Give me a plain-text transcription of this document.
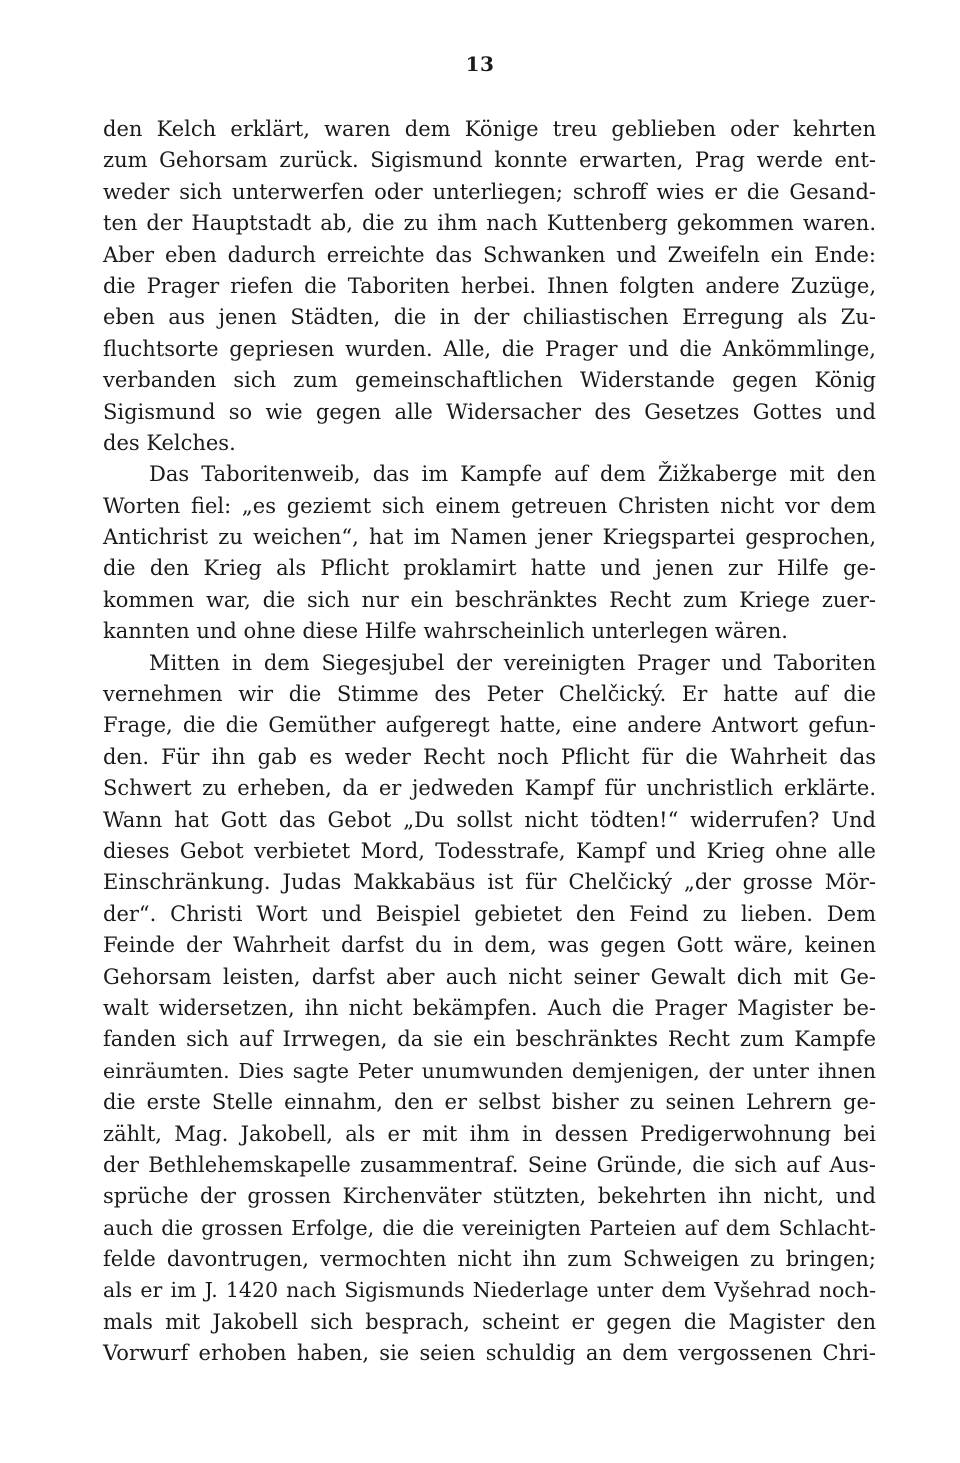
13
den Kelch erklärt, waren dem Könige treu geblieben oder kehrten
zum Gehorsam zurück. Sigismund konnte erwarten, Prag werde ent-
weder sich unterwerfen oder unterliegen; schroff wies er die Gesand-
ten der Hauptstadt ab, die zu ihm nach Kuttenberg gekommen waren.
Aber eben dadurch erreichte das Schwanken und Zweifeln ein Ende:
die Prager riefen die Taboriten herbei. Ihnen folgten andere Zuzüge,
eben aus jenen Städten, die in der chiliastischen Erregung als Zu-
fluchtsorte gepriesen wurden. Alle, die Prager und die Ankömmlinge,
verbanden sich zum gemeinschaftlichen Widerstande gegen König
Sigismund so wie gegen alle Widersacher des Gesetzes Gottes und
des Kelches.
Das Taboritenweib, das im Kampfe auf dem Žižkaberge mit den
Worten fiel: „es geziemt sich einem getreuen Christen nicht vor dem
Antichrist zu weichen“, hat im Namen jener Kriegspartei gesprochen,
die den Krieg als Pflicht proklamirt hatte und jenen zur Hilfe ge-
kommen war, die sich nur ein beschränktes Recht zum Kriege zuer-
kannten und ohne diese Hilfe wahrscheinlich unterlegen wären.
Mitten in dem Siegesjubel der vereinigten Prager und Taboriten
vernehmen wir die Stimme des Peter Chelčický. Er hatte auf die
Frage, die die Gemüther aufgeregt hatte, eine andere Antwort gefun-
den. Für ihn gab es weder Recht noch Pflicht für die Wahrheit das
Schwert zu erheben, da er jedweden Kampf für unchristlich erklärte.
Wann hat Gott das Gebot „Du sollst nicht tödten!“ widerrufen? Und
dieses Gebot verbietet Mord, Todesstrafe, Kampf und Krieg ohne alle
Einschränkung. Judas Makkabäus ist für Chelčický „der grosse Mör-
der“. Christi Wort und Beispiel gebietet den Feind zu lieben. Dem
Feinde der Wahrheit darfst du in dem, was gegen Gott wäre, keinen
Gehorsam leisten, darfst aber auch nicht seiner Gewalt dich mit Ge-
walt widersetzen, ihn nicht bekämpfen. Auch die Prager Magister be-
fanden sich auf Irrwegen, da sie ein beschränktes Recht zum Kampfe
einräumten. Dies sagte Peter unumwunden demjenigen, der unter ihnen
die erste Stelle einnahm, den er selbst bisher zu seinen Lehrern ge-
zählt, Mag. Jakobell, als er mit ihm in dessen Predigerwohnung bei
der Bethlehemskapelle zusammentraf. Seine Gründe, die sich auf Aus-
sprüche der grossen Kirchenväter stützten, bekehrten ihn nicht, und
auch die grossen Erfolge, die die vereinigten Parteien auf dem Schlacht-
felde davontrugen, vermochten nicht ihn zum Schweigen zu bringen;
als er im J. 1420 nach Sigismunds Niederlage unter dem Vyšehrad noch-
mals mit Jakobell sich besprach, scheint er gegen die Magister den
Vorwurf erhoben haben, sie seien schuldig an dem vergossenen Chri-
